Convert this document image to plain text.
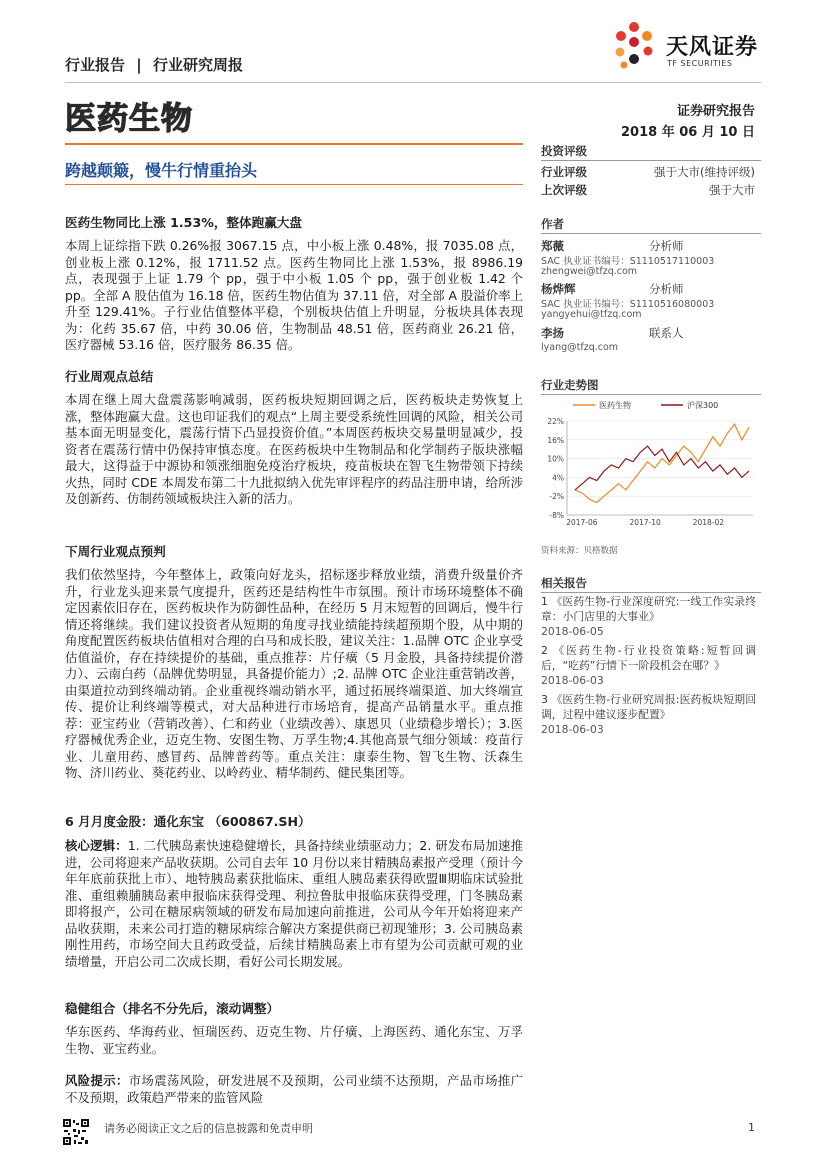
行业报告 | 行业研究周报
天风证券
TF SECURITIES
医药生物	证券研究报告
2018 年 06 月 10 日
跨越颠簸，慢牛行情重抬头
医药生物同比上涨 1.53%，整体跑赢大盘
本周上证综指下跌 0.26%报 3067.15 点，中小板上涨 0.48%，报 7035.08 点，创业板上涨 0.12%，报 1711.52 点。医药生物同比上涨 1.53%，报 8986.19 点，表现强于上证 1.79 个 pp，强于中小板 1.05 个 pp，强于创业板 1.42 个 pp。全部 A 股估值为 16.18 倍，医药生物估值为 37.11 倍，对全部 A 股溢价率上升至 129.41%。子行业估值整体平稳，个别板块估值上升明显，分板块具体表现为：化药 35.67 倍，中药 30.06 倍，生物制品 48.51 倍，医药商业 26.21 倍，医疗器械 53.16 倍，医疗服务 86.35 倍。
行业周观点总结
本周在继上周大盘震荡影响减弱，医药板块短期回调之后，医药板块走势恢复上涨，整体跑赢大盘。这也印证我们的观点“上周主要受系统性回调的风险，相关公司基本面无明显变化，震荡行情下凸显投资价值。”本周医药板块交易量明显减少，投资者在震荡行情中仍保持审慎态度。在医药板块中生物制品和化学制药子版块涨幅最大，这得益于中源协和领涨细胞免疫治疗板块，疫苗板块在智飞生物带领下持续火热，同时 CDE 本周发布第二十九批拟纳入优先审评程序的药品注册申请，给所涉及创新药、仿制药领域板块注入新的活力。
下周行业观点预判
我们依然坚持，今年整体上，政策向好龙头，招标逐步释放业绩，消费升级量价齐升，行业龙头迎来景气度提升，医药还是结构性牛市氛围。预计市场环境整体不确定因素依旧存在，医药板块作为防御性品种，在经历 5 月末短暂的回调后，慢牛行情还将继续。我们建议投资者从短期的角度寻找业绩能持续超预期个股，从中期的角度配置医药板块估值相对合理的白马和成长股，建议关注：1.品牌 OTC 企业享受估值溢价，存在持续提价的基础，重点推荐：片仔癀（5 月金股，具备持续提价潜力）、云南白药（品牌优势明显，具备提价能力）;2. 品牌 OTC 企业注重营销改善，由渠道拉动到终端动销。企业重视终端动销水平，通过拓展终端渠道、加大终端宣传、提价让利终端等模式，对大品种进行市场培育，提高产品销量水平。重点推荐：亚宝药业（营销改善）、仁和药业（业绩改善）、康恩贝（业绩稳步增长）；3.医疗器械优秀企业，迈克生物、安图生物、万孚生物;4.其他高景气细分领域：疫苗行业、儿童用药、感冒药、品牌普药等。重点关注：康泰生物、智飞生物、沃森生物、济川药业、葵花药业、以岭药业、精华制药、健民集团等。
6 月月度金股：通化东宝 （600867.SH）
核心逻辑：1. 二代胰岛素快速稳健增长，具备持续业绩驱动力；2. 研发布局加速推进，公司将迎来产品收获期。公司自去年 10 月份以来甘精胰岛素报产受理（预计今年年底前获批上市）、地特胰岛素获批临床、重组人胰岛素获得欧盟Ⅲ期临床试验批准、重组赖脯胰岛素申报临床获得受理、利拉鲁肽申报临床获得受理，门冬胰岛素即将报产，公司在糖尿病领域的研发布局加速向前推进，公司从今年开始将迎来产品收获期，未来公司打造的糖尿病综合解决方案提供商已初现雏形；3. 公司胰岛素刚性用药，市场空间大且药政受益，后续甘精胰岛素上市有望为公司贡献可观的业绩增量，开启公司二次成长期，看好公司长期发展。
稳健组合（排名不分先后，滚动调整）
华东医药、华海药业、恒瑞医药、迈克生物、片仔癀、上海医药、通化东宝、万孚生物、亚宝药业。
风险提示：市场震荡风险，研发进展不及预期，公司业绩不达预期，产品市场推广不及预期，政策趋严带来的监管风险
投资评级
行业评级	强于大市(维持评级)
上次评级	强于大市
作者
郑薇	分析师
SAC 执业证书编号：S1110517110003
zhengwei@tfzq.com
杨烨辉	分析师
SAC 执业证书编号：S1110516080003
yangyehui@tfzq.com
李扬	联系人
lyang@tfzq.com
行业走势图
22%
16%
10%
4%
-2%
-8%
2017-06	2017-10	2018-02
医药生物	沪深300
资料来源：贝格数据
相关报告
1 《医药生物-行业深度研究:一线工作实录终章：小门店里的大事业》
2018-06-05
2 《医药生物-行业投资策略:短暂回调后，“吃药”行情下一阶段机会在哪？》
2018-06-03
3 《医药生物-行业研究周报:医药板块短期回调，过程中建议逐步配置》
2018-06-03
请务必阅读正文之后的信息披露和免责申明	1
